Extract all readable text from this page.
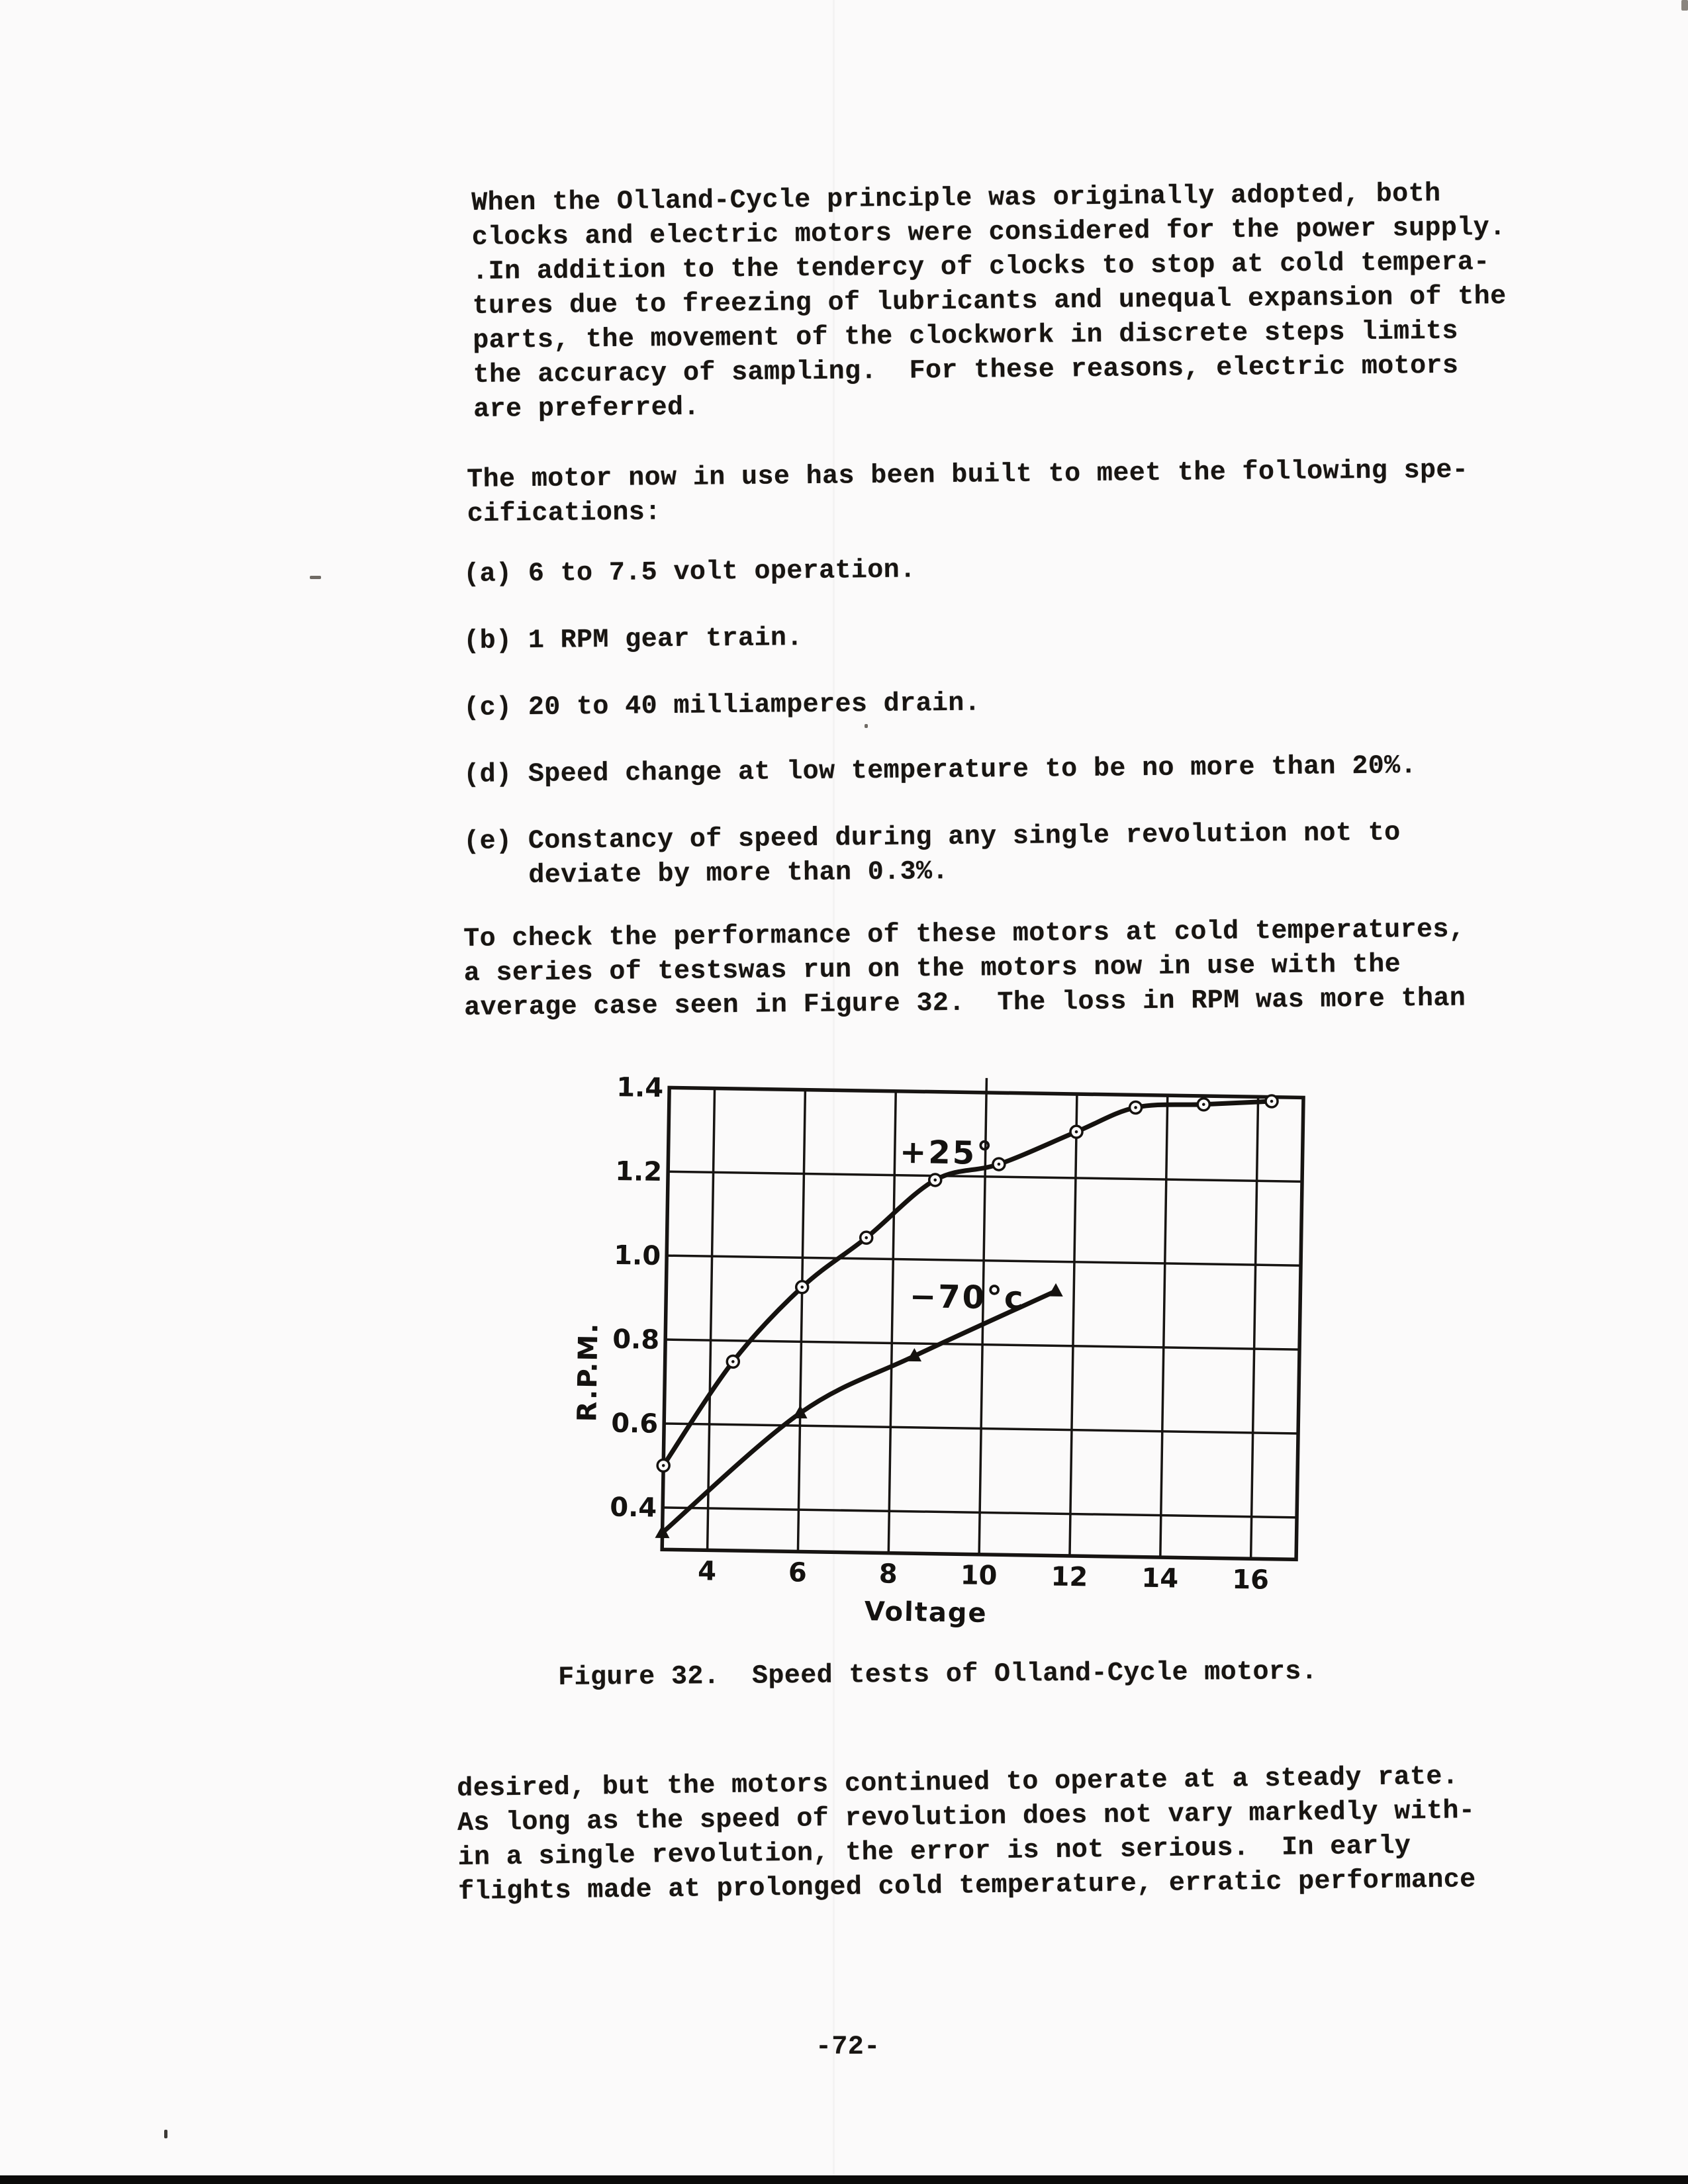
When the Olland-Cycle principle was originally adopted, both
clocks and electric motors were considered for the power supply.
.In addition to the tendercy of clocks to stop at cold tempera-
tures due to freezing of lubricants and unequal expansion of the
parts, the movement of the clockwork in discrete steps limits
the accuracy of sampling.  For these reasons, electric motors
are preferred.
The motor now in use has been built to meet the following spe-
cifications:
(a) 6 to 7.5 volt operation.
(b) 1 RPM gear train.
(c) 20 to 40 milliamperes drain.
(d) Speed change at low temperature to be no more than 20%.
(e) Constancy of speed during any single revolution not to
deviate by more than 0.3%.
To check the performance of these motors at cold temperatures,
a series of testswas run on the motors now in use with the
average case seen in Figure 32.  The loss in RPM was more than
0.4
0.6
0.8
1.0
1.2
1.4
4	6	8 10 12 14 16
Voltage
R.P.M.
+25°
−70°c
Figure 32.  Speed tests of Olland-Cycle motors.
desired, but the motors continued to operate at a steady rate.
As long as the speed of revolution does not vary markedly with-
in a single revolution, the error is not serious.  In early
flights made at prolonged cold temperature, erratic performance
-72-
